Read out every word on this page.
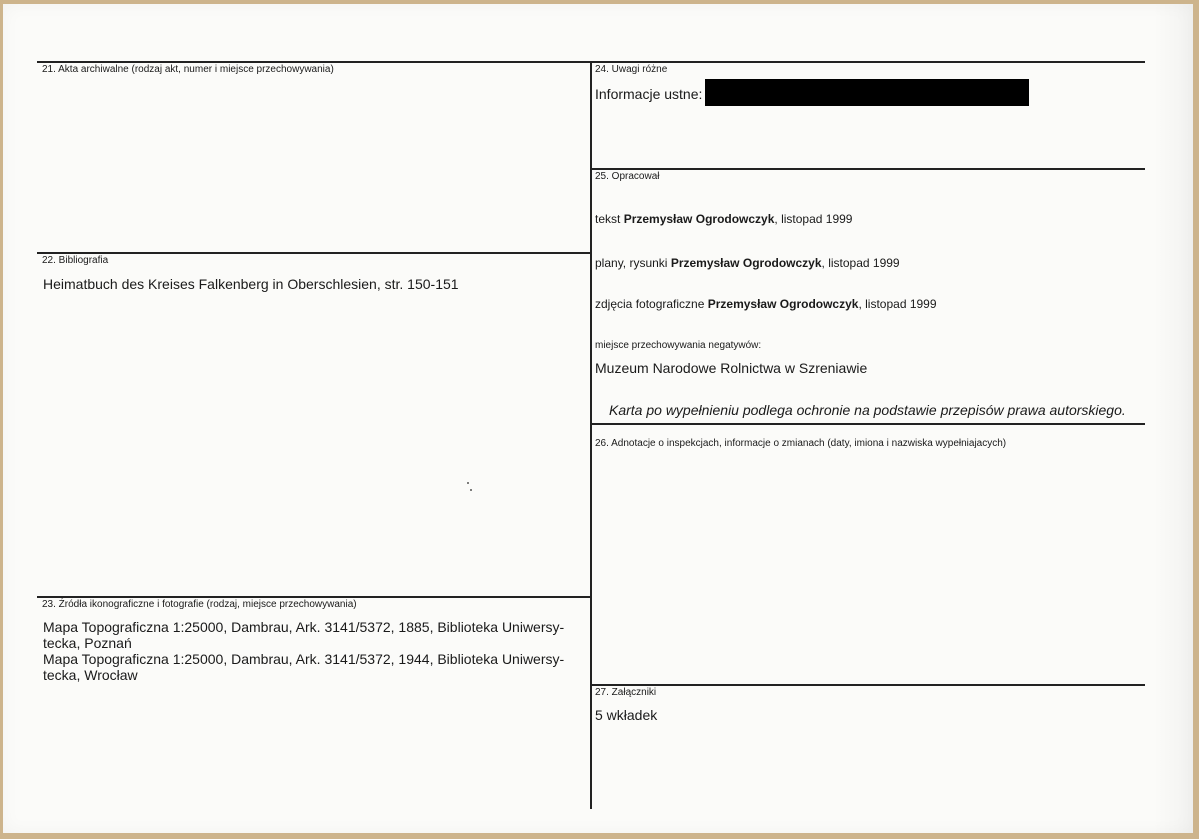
21. Akta archiwalne (rodzaj akt, numer i miejsce przechowywania)
22. Bibliografia
Heimatbuch des Kreises Falkenberg in Oberschlesien, str. 150-151
23. Źródła ikonograficzne i fotografie (rodzaj, miejsce przechowywania)
Mapa Topograficzna 1:25000, Dambrau, Ark. 3141/5372, 1885, Biblioteka Uniwersy-
tecka, Poznań
Mapa Topograficzna 1:25000, Dambrau, Ark. 3141/5372, 1944, Biblioteka Uniwersy-
tecka, Wrocław
24. Uwagi różne
Informacje ustne:
25. Opracował
tekst Przemysław Ogrodowczyk, listopad 1999
plany, rysunki Przemysław Ogrodowczyk, listopad 1999
zdjęcia fotograficzne Przemysław Ogrodowczyk, listopad 1999
miejsce przechowywania negatywów:
Muzeum Narodowe Rolnictwa w Szreniawie
Karta po wypełnieniu podlega ochronie na podstawie przepisów prawa autorskiego.
26. Adnotacje o inspekcjach, informacje o zmianach (daty, imiona i nazwiska wypełniajacych)
27. Załączniki
5 wkładek
